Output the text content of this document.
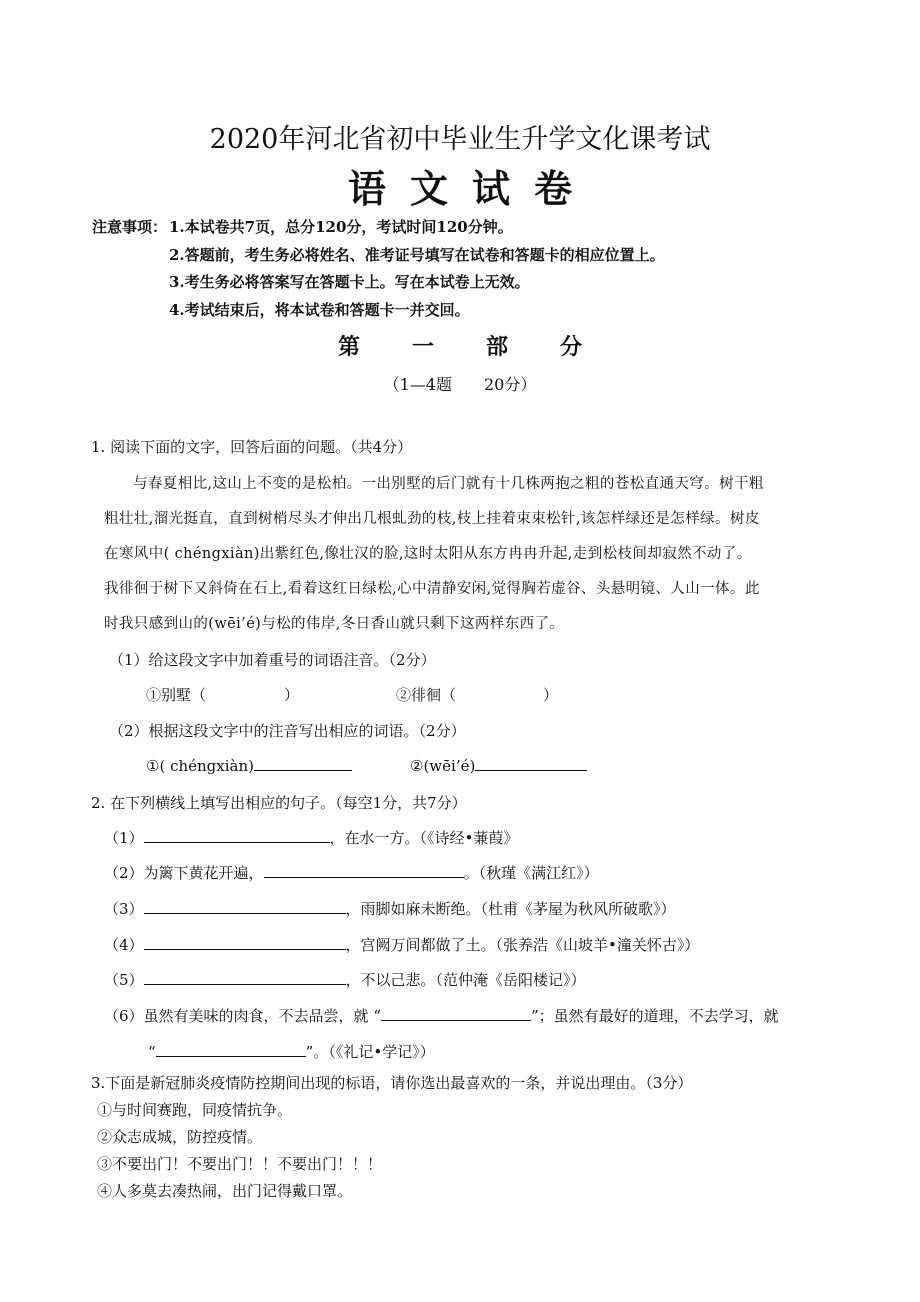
2020年河北省初中毕业生升学文化课考试
语文试卷
注意事项： 1.本试卷共7页，总分120分，考试时间120分钟。
2.答题前，考生务必将姓名、准考证号填写在试卷和答题卡的相应位置上。
3.考生务必将答案写在答题卡上。写在本试卷上无效。
4.考试结束后，将本试卷和答题卡一并交回。
第 一 部 分
（1—4题　　20分）
1. 阅读下面的文字，回答后面的问题。（共4分）
与春夏相比,这山上不变的是松柏。一出别墅的后门就有十几株两抱之粗的苍松直通天穹。树干粗
粗壮壮,溜光挺直，直到树梢尽头才伸出几根虬劲的枝,枝上挂着束束松针,该怎样绿还是怎样绿。树皮
在寒风中( chéngxiàn)出紫红色,像壮汉的脸,这时太阳从东方冉冉升起,走到松枝间却寂然不动了。
我徘徊于树下又斜倚在石上,看着这红日绿松,心中清静安闲,觉得胸若虚谷、头悬明镜、人山一体。此
时我只感到山的(wēi’é)与松的伟岸,冬日香山就只剩下这两样东西了。
（1）给这段文字中加着重号的词语注音。（2分）
①别墅（	）	②徘徊（	）
（2）根据这段文字中的注音写出相应的词语。（2分）
①( chéngxiàn)	②(wēi’é)
2. 在下列横线上填写出相应的句子。（每空1分，共7分）
（1）	，在水一方。（《诗经•蒹葭》
（2）为篱下黄花开遍，	。（秋瑾《满江红》）
（3）	，雨脚如麻未断绝。（杜甫《茅屋为秋风所破歌》）
（4）	，宫阙万间都做了土。（张养浩《山坡羊•潼关怀古》）
（5）	，不以己悲。（范仲淹《岳阳楼记》）
（6）虽然有美味的肉食，不去品尝，就 “	”；虽然有最好的道理，不去学习，就
“	”。（《礼记•学记》）
3.下面是新冠肺炎疫情防控期间出现的标语，请你选出最喜欢的一条，并说出理由。（3分）
①与时间赛跑，同疫情抗争。
②众志成城，防控疫情。
③不要出门！不要出门！！不要出门！！！
④人多莫去凑热闹，出门记得戴口罩。
